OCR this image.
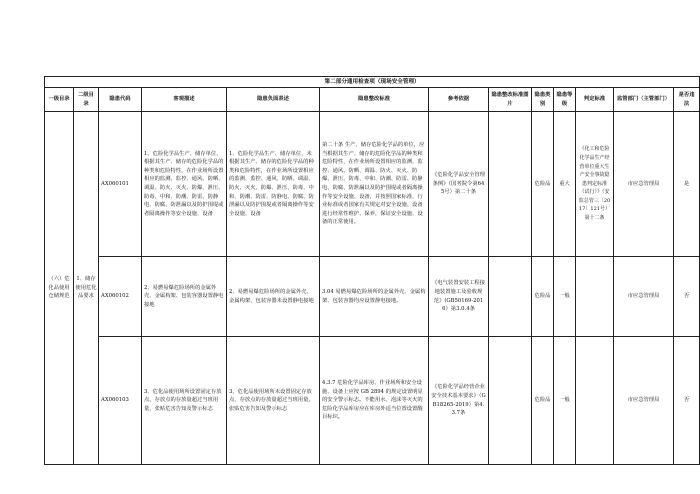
第二部分通用检查项（现场安全管理）												
一级目录	二级目录	隐患代码	客观描述	隐患负面表述	隐患整改标准	参考依据	隐患整改标准图片	隐患类别	隐患等级	判定标准	监管部门（主管部门）	是否违法
（六）危化品使用仓储规范	1、储存使用危化品要求	AX060101	1、危险化学品生产、储存单位，根据其生产、储存的危险化学品的种类和危险特性，在作业场所设置相应的监测、监控、通风、防晒、调温、防火、灭火、防爆、泄压、防毒、中和、防潮、防雷、防静电、防腐、防泄漏以及防护围堤或者隔离操作等安全设施、设备	1、危险化学品生产、储存单位，未根据其生产、储存的危险化学品的种类和危险特性，在作业场所设置相应的监测、监控、通风、防晒、调温、防火、灭火、防爆、泄压、防毒、中和、防潮、防雷、防静电、防腐、防泄漏以及防护围堤或者隔离操作等安全设施、设备	第二十条 生产、储存危险化学品的单位，应当根据其生产、储存的危险化学品的种类和危险特性，在作业场所设置相应的监测、监控、通风、防晒、调温、防火、灭火、防爆、泄压、防毒、中和、防潮、防雷、防静电、防腐、防泄漏以及防护围堤或者隔离操作等安全设施、设备，并按照国家标准、行业标准或者国家有关规定对安全设施、设备进行经常性维护、保养，保证安全设施、设备的正常使用。	《危险化学品安全管理条例》（国务院令第645号）第二十条		危险品	重大	《化工和危险化学品生产经营单位重大生产安全事故隐患判定标准（试行）》（安监总管三〔2017〕121号）第十二条	市应急管理局	是
		AX060102	2、易燃易爆危险场所的金属外壳、金属构架、包装容器设置静电接地	2、易燃易爆危险场所的金属外壳、金属构架、包装容器未设置静电接地	3.04 易燃易爆危险场所的金属外壳、金属构架、包装容器均应设置静电接地。	《电气装置安装工程接地装置施工及验收规范》(GB50169-2016）第3.0.4条		危险品	一般		市应急管理局	否
		AX060103	3、危化品使用场所设置固定存放点，存放点的存放量超过当班用量，张贴危害告知及警示标志	3、危化品使用场所未设置固定存放点，存放点的存放量超过当班用量，张贴危害告知及警示标志	4.3.7 危险化学品库房、作业场所和安全设施、设备上应按 GB 2894 的规定设置明显的安全警示标志。不能用水、泡沫等灭火的危险化学品库房应在库房外适当位置设置醒目标识。	《危险化学品经营企业安全技术基本要求》（GB18265-2019）第4.3.7条		危险品	一般		市应急管理局	否
